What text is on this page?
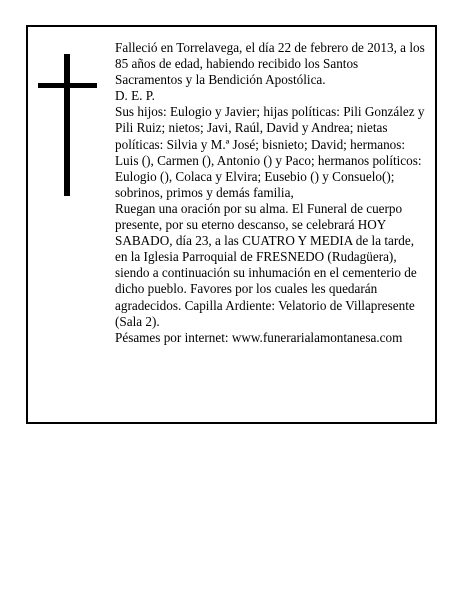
Falleció en Torrelavega, el día 22 de febrero de 2013, a los 85 años de edad, habiendo recibido los Santos Sacramentos y la Bendición Apostólica.

D. E. P.

Sus hijos: Eulogio y Javier; hijas políticas: Pili González y Pili Ruiz; nietos; Javi, Raúl, David y Andrea; nietas políticas: Silvia y M.ª José; bisnieto; David; hermanos: Luis (), Carmen (), Antonio () y Paco; hermanos políticos: Eulogio (), Colaca y Elvira; Eusebio () y Consuelo(); sobrinos, primos y demás familia,

Ruegan una oración por su alma. El Funeral de cuerpo presente, por su eterno descanso, se celebrará HOY SABADO, día 23, a las CUATRO Y MEDIA de la tarde, en la Iglesia Parroquial de FRESNEDO (Rudagüera), siendo a continuación su inhumación en el cementerio de dicho pueblo. Favores por los cuales les quedarán agradecidos. Capilla Ardiente: Velatorio de Villapresente (Sala 2).

Pésames por internet: www.funerarialamontanesa.com
